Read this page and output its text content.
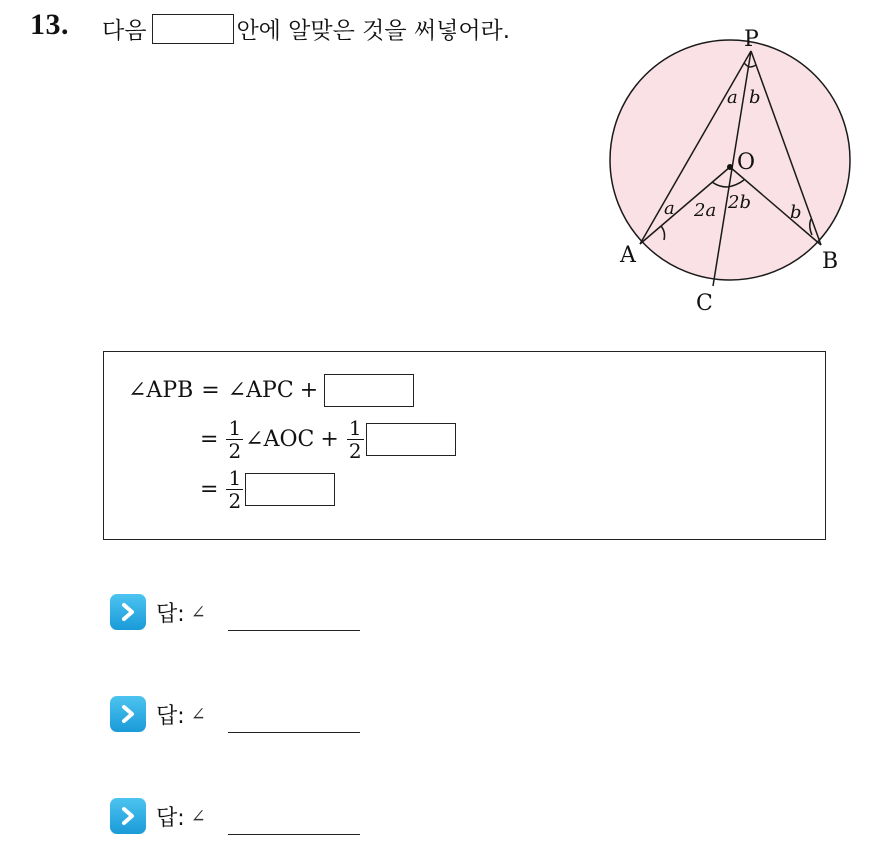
13. 다음	안에 알맞은 것을 써넣어라.	P
O
A	B
C
a b
a 2a 2b b
∠APB = ∠APC +
= $\frac{1}{2}$ ∠AOC + $\frac{1}{2}$
= $\frac{1}{2}$
답: ∠
답: ∠
답: ∠
